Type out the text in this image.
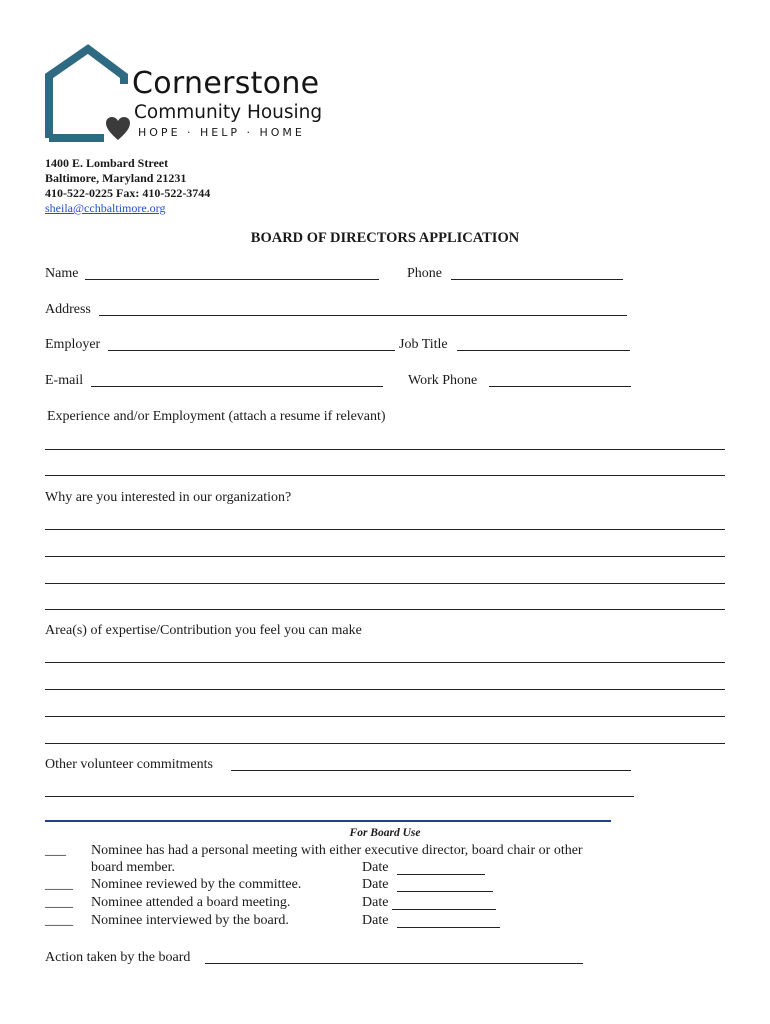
Cornerstone
Community Housing
HOPE · HELP · HOME
1400 E. Lombard Street
Baltimore, Maryland 21231
410-522-0225 Fax: 410-522-3744
sheila@cchbaltimore.org
BOARD OF DIRECTORS APPLICATION
Name	Phone
Address
Employer	Job Title
E-mail	Work Phone
Experience and/or Employment (attach a resume if relevant)
Why are you interested in our organization?
Area(s) of expertise/Contribution you feel you can make
Other volunteer commitments
For Board Use
___ Nominee has had a personal meeting with either executive director, board chair or other
board member.	Date
____ Nominee reviewed by the committee.	Date
____ Nominee attended a board meeting.	Date
____ Nominee interviewed by the board.	Date
Action taken by the board
